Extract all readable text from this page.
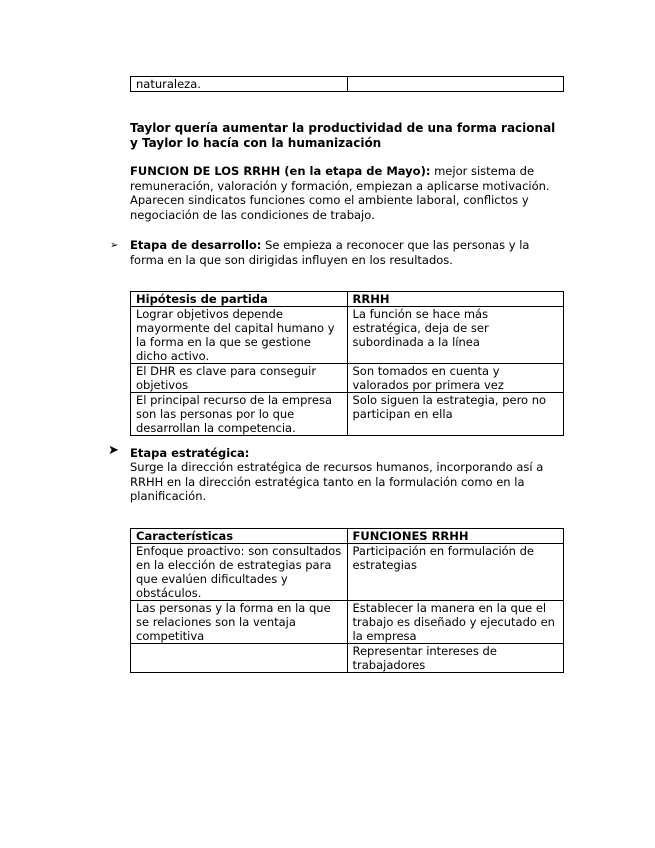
naturaleza.	
Taylor quería aumentar la productividad de una forma racional y Taylor lo hacía con la humanización
FUNCION DE LOS RRHH (en la etapa de Mayo): mejor sistema de remuneración, valoración y formación, empiezan a aplicarse motivación. Aparecen sindicatos funciones como el ambiente laboral, conflictos y negociación de las condiciones de trabajo.
➢ Etapa de desarrollo: Se empieza a reconocer que las personas y la forma en la que son dirigidas influyen en los resultados.
Hipótesis de partida	RRHH
Lograr objetivos depende mayormente del capital humano y la forma en la que se gestione dicho activo.	La función se hace más estratégica, deja de ser subordinada a la línea
El DHR es clave para conseguir objetivos	Son tomados en cuenta y valorados por primera vez
El principal recurso de la empresa son las personas por lo que desarrollan la competencia.	Solo siguen la estrategia, pero no participan en ella
➤ Etapa estratégica:
Surge la dirección estratégica de recursos humanos, incorporando así a RRHH en la dirección estratégica tanto en la formulación como en la planificación.
Características	FUNCIONES RRHH
Enfoque proactivo: son consultados en la elección de estrategias para que evalúen dificultades y obstáculos.	Participación en formulación de estrategias
Las personas y la forma en la que se relaciones son la ventaja competitiva	Establecer la manera en la que el trabajo es diseñado y ejecutado en la empresa
	Representar intereses de trabajadores
